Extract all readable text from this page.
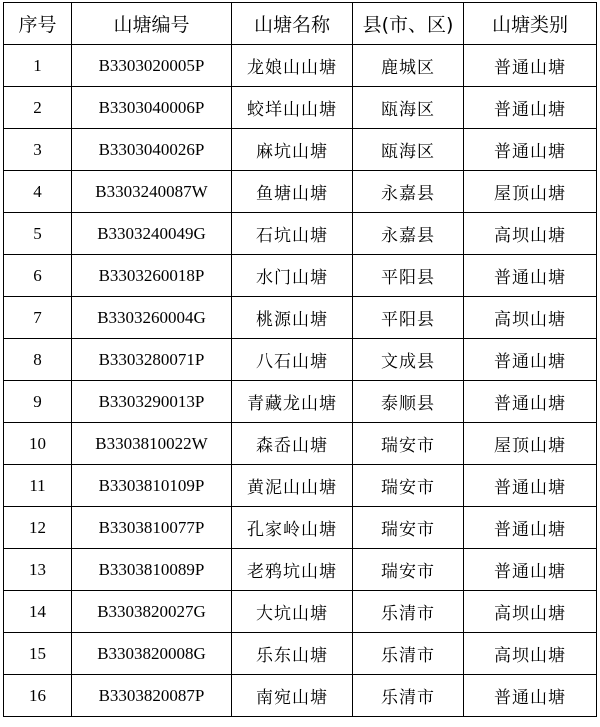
序号	山塘编号	山塘名称	县(市、区)	山塘类别
1	B3303020005P	龙娘山山塘	鹿城区	普通山塘
2	B3303040006P	蛟垟山山塘	瓯海区	普通山塘
3	B3303040026P	麻坑山塘	瓯海区	普通山塘
4	B3303240087W	鱼塘山塘	永嘉县	屋顶山塘
5	B3303240049G	石坑山塘	永嘉县	高坝山塘
6	B3303260018P	水门山塘	平阳县	普通山塘
7	B3303260004G	桃源山塘	平阳县	高坝山塘
8	B3303280071P	八石山塘	文成县	普通山塘
9	B3303290013P	青藏龙山塘	泰顺县	普通山塘
10	B3303810022W	森岙山塘	瑞安市	屋顶山塘
11	B3303810109P	黄泥山山塘	瑞安市	普通山塘
12	B3303810077P	孔家岭山塘	瑞安市	普通山塘
13	B3303810089P	老鸦坑山塘	瑞安市	普通山塘
14	B3303820027G	大坑山塘	乐清市	高坝山塘
15	B3303820008G	乐东山塘	乐清市	高坝山塘
16	B3303820087P	南宛山塘	乐清市	普通山塘
